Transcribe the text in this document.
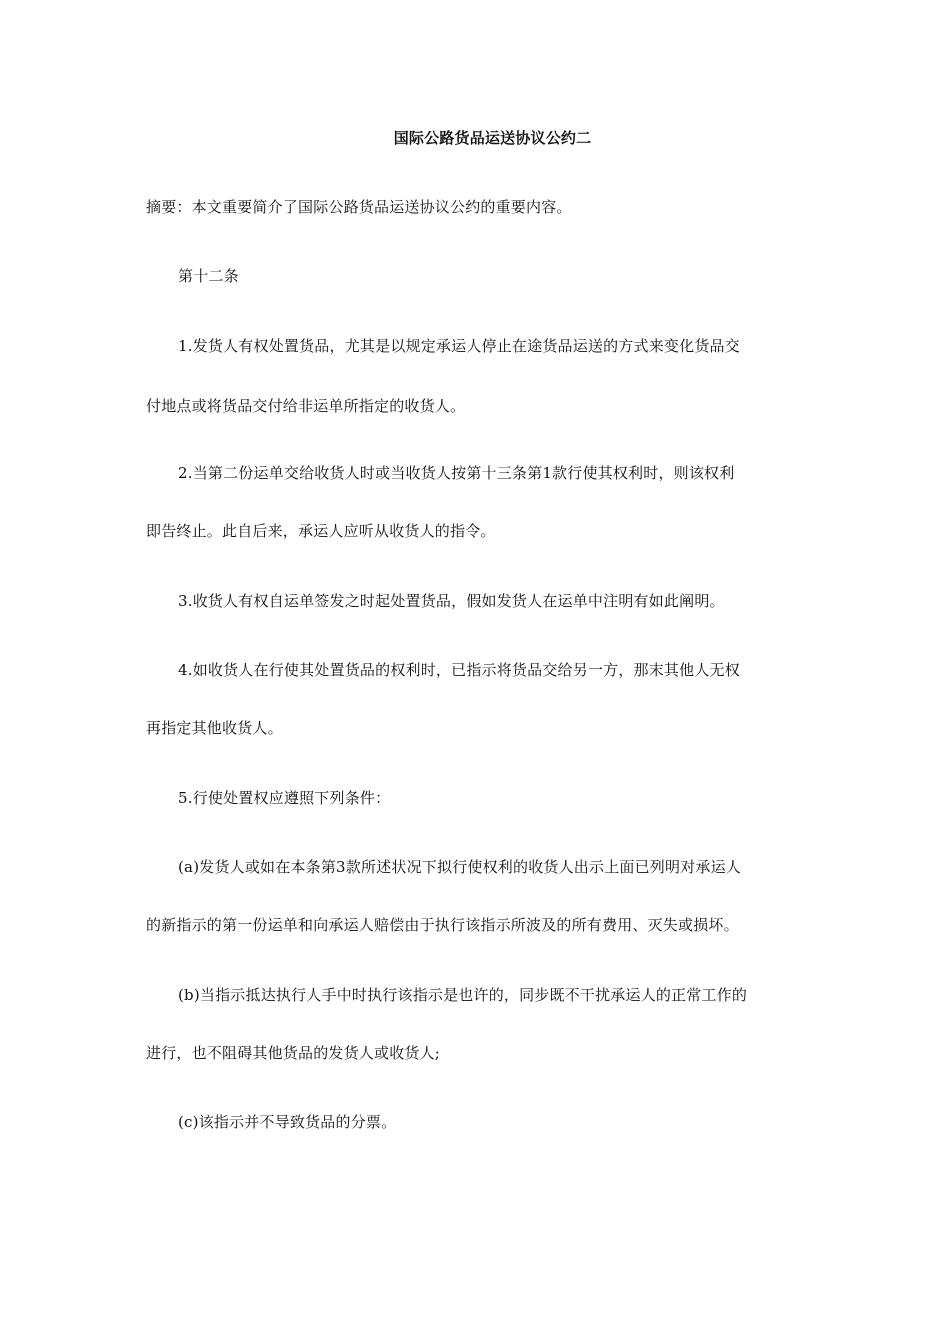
国际公路货品运送协议公约二
摘要：本文重要简介了国际公路货品运送协议公约的重要内容。
第十二条
1.发货人有权处置货品，尤其是以规定承运人停止在途货品运送的方式来变化货品交
付地点或将货品交付给非运单所指定的收货人。
2.当第二份运单交给收货人时或当收货人按第十三条第1款行使其权利时，则该权利
即告终止。此自后来，承运人应听从收货人的指令。
3.收货人有权自运单签发之时起处置货品，假如发货人在运单中注明有如此阐明。
4.如收货人在行使其处置货品的权利时，已指示将货品交给另一方，那末其他人无权
再指定其他收货人。
5.行使处置权应遵照下列条件：
(a)发货人或如在本条第3款所述状况下拟行使权利的收货人出示上面已列明对承运人
的新指示的第一份运单和向承运人赔偿由于执行该指示所波及的所有费用、灭失或损坏。
(b)当指示抵达执行人手中时执行该指示是也许的，同步既不干扰承运人的正常工作的
进行，也不阻碍其他货品的发货人或收货人;
(c)该指示并不导致货品的分票。
